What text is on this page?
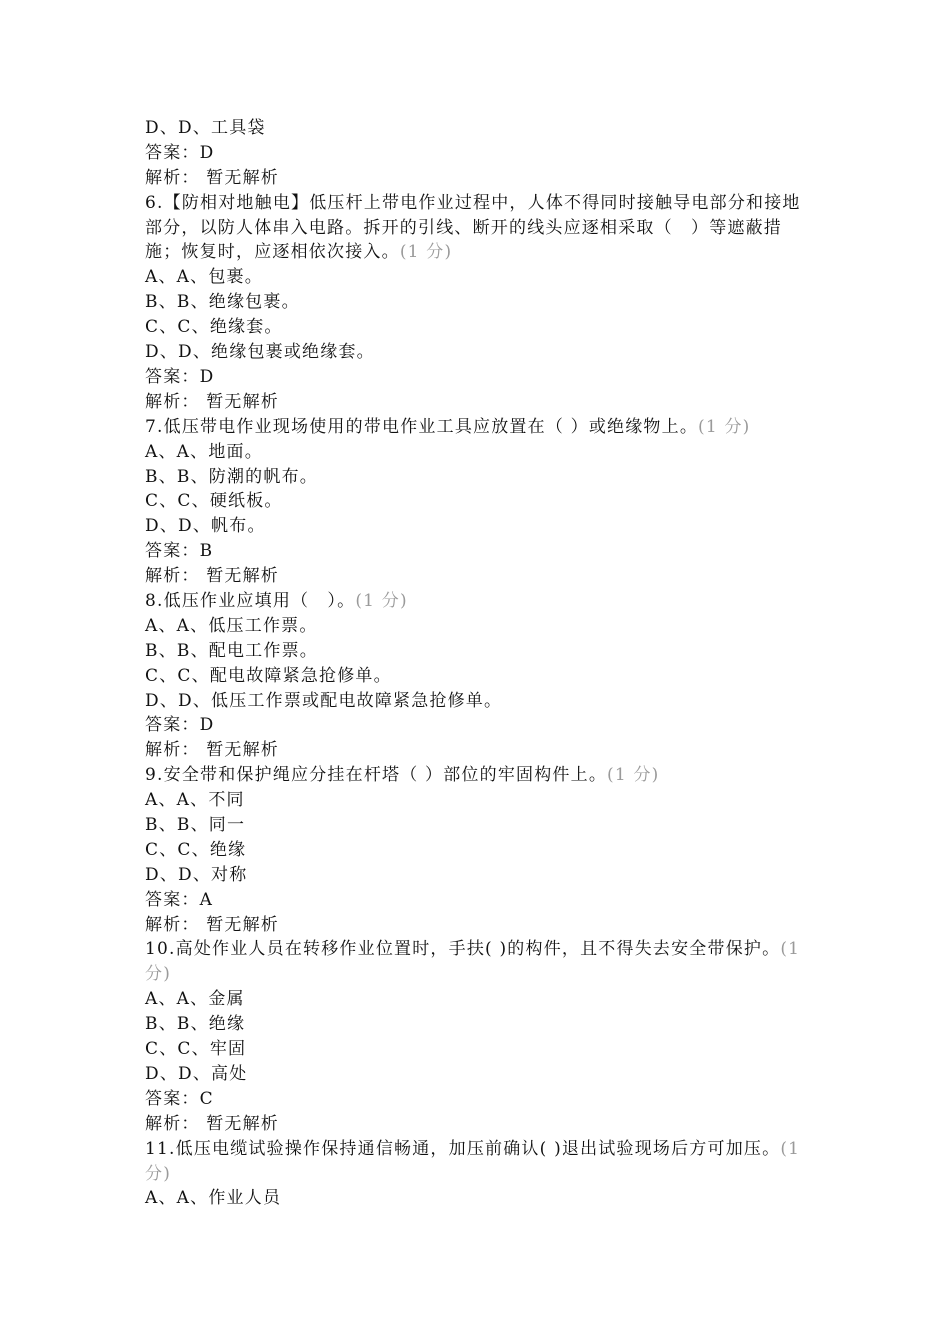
D、D、工具袋
答案：D
解析： 暂无解析
6.【防相对地触电】低压杆上带电作业过程中，人体不得同时接触导电部分和接地部分，以防人体串入电路。拆开的引线、断开的线头应逐相采取（　）等遮蔽措施；恢复时，应逐相依次接入。(1 分)
A、A、包裹。
B、B、绝缘包裹。
C、C、绝缘套。
D、D、绝缘包裹或绝缘套。
答案：D
解析： 暂无解析
7.低压带电作业现场使用的带电作业工具应放置在（ ）或绝缘物上。(1 分)
A、A、地面。
B、B、防潮的帆布。
C、C、硬纸板。
D、D、帆布。
答案：B
解析： 暂无解析
8.低压作业应填用（　）。(1 分)
A、A、低压工作票。
B、B、配电工作票。
C、C、配电故障紧急抢修单。
D、D、低压工作票或配电故障紧急抢修单。
答案：D
解析： 暂无解析
9.安全带和保护绳应分挂在杆塔（ ）部位的牢固构件上。(1 分)
A、A、不同
B、B、同一
C、C、绝缘
D、D、对称
答案：A
解析： 暂无解析
10.高处作业人员在转移作业位置时，手扶( )的构件，且不得失去安全带保护。(1 分)
A、A、金属
B、B、绝缘
C、C、牢固
D、D、高处
答案：C
解析： 暂无解析
11.低压电缆试验操作保持通信畅通，加压前确认( )退出试验现场后方可加压。(1 分)
A、A、作业人员
